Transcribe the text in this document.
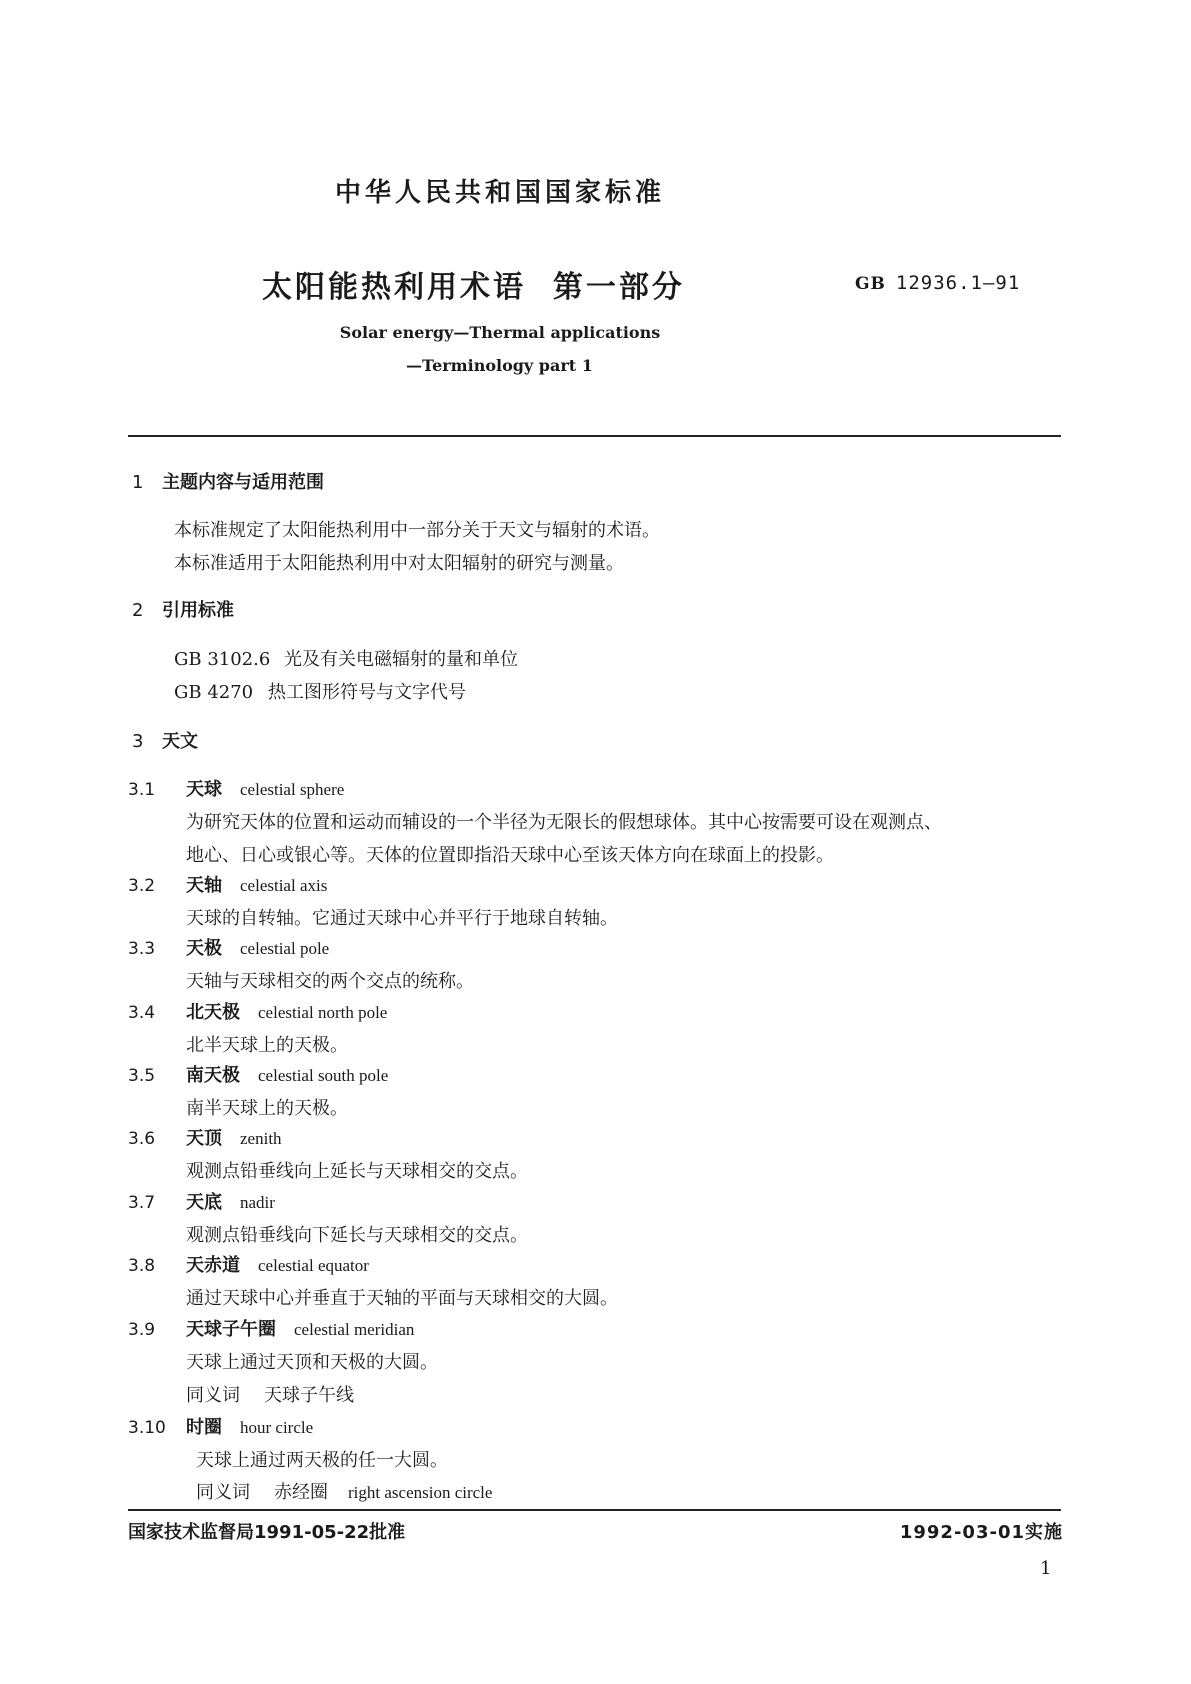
中华人民共和国国家标准
太阳能热利用术语  第一部分	GB 12936.1—91
Solar energy—Thermal applications
—Terminology part 1
1 主题内容与适用范围
本标准规定了太阳能热利用中一部分关于天文与辐射的术语。
本标准适用于太阳能热利用中对太阳辐射的研究与测量。
2 引用标准
GB 3102.6 光及有关电磁辐射的量和单位
GB 4270 热工图形符号与文字代号
3 天文
3.1 天球 celestial sphere
为研究天体的位置和运动而辅设的一个半径为无限长的假想球体。其中心按需要可设在观测点、
地心、日心或银心等。天体的位置即指沿天球中心至该天体方向在球面上的投影。
3.2 天轴 celestial axis
天球的自转轴。它通过天球中心并平行于地球自转轴。
3.3 天极 celestial pole
天轴与天球相交的两个交点的统称。
3.4 北天极 celestial north pole
北半天球上的天极。
3.5 南天极 celestial south pole
南半天球上的天极。
3.6 天顶 zenith
观测点铅垂线向上延长与天球相交的交点。
3.7 天底 nadir
观测点铅垂线向下延长与天球相交的交点。
3.8 天赤道 celestial equator
通过天球中心并垂直于天轴的平面与天球相交的大圆。
3.9 天球子午圈 celestial meridian
天球上通过天顶和天极的大圆。
同义词 天球子午线
3.10 时圈 hour circle
天球上通过两天极的任一大圆。
同义词 赤经圈 right ascension circle
国家技术监督局1991-05-22批准	1992-03-01实施
1
